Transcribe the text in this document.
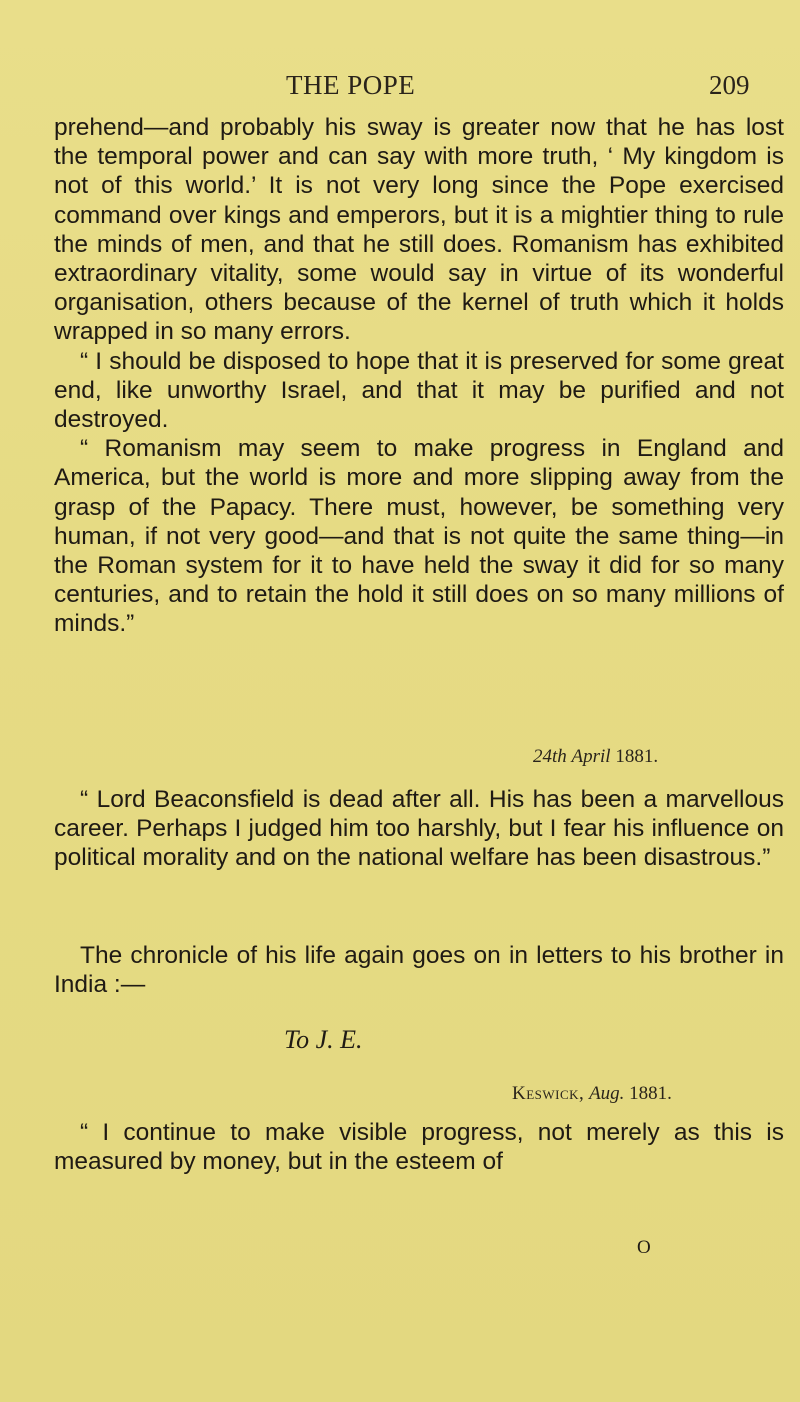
THE POPE	209

prehend—and probably his sway is greater now that he has lost the temporal power and can say with more truth, ‘ My kingdom is not of this world.’ It is not very long since the Pope exercised command over kings and emperors, but it is a mightier thing to rule the minds of men, and that he still does. Romanism has exhibited extraordinary vitality, some would say in virtue of its wonderful organisation, others because of the kernel of truth which it holds wrapped in so many errors.

“ I should be disposed to hope that it is preserved for some great end, like unworthy Israel, and that it may be purified and not destroyed.

“ Romanism may seem to make progress in England and America, but the world is more and more slipping away from the grasp of the Papacy. There must, however, be something very human, if not very good—and that is not quite the same thing—in the Roman system for it to have held the sway it did for so many centuries, and to retain the hold it still does on so many millions of minds.”

24th April 1881.

“ Lord Beaconsfield is dead after all. His has been a marvellous career. Perhaps I judged him too harshly, but I fear his influence on political morality and on the national welfare has been disastrous.”

The chronicle of his life again goes on in letters to his brother in India :—

To J. E.
Keswick, Aug. 1881.

“ I continue to make visible progress, not merely as this is measured by money, but in the esteem of

O
